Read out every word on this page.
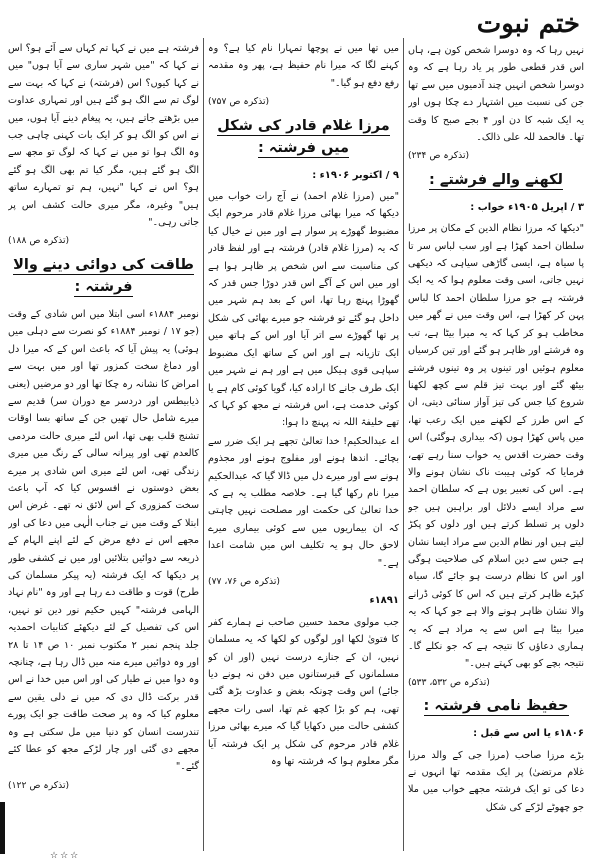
ختم نبوت

نہیں رہا کہ وہ دوسرا شخص کون ہے، ہاں اس قدر قطعی طور پر یاد رہا ہے کہ وہ دوسرا شخص انہیں چند آدمیوں میں سے تھا جن کی نسبت میں اشتہار دے چکا ہوں اور یہ ایک شبہ کا دن اور ۴ بجے صبح کا وقت تھا۔ فالحمد للہ علی ذالک۔

(تذکرہ ص ۲۳۴)
لکھنے والے فرشتے :
۳ / اپریل ۱۹۰۵ء خواب :

"دیکھا کہ مرزا نظام الدین کے مکان پر مرزا سلطان احمد کھڑا ہے اور سب لباس سر تا پا سیاہ ہے، ایسی گاڑھی سیاہی کہ دیکھی نہیں جاتی، اسی وقت معلوم ہوا کہ یہ ایک فرشتہ ہے جو مرزا سلطان احمد کا لباس پہن کر کھڑا ہے، اس وقت میں نے گھر میں مخاطب ہو کر کہا کہ یہ میرا بیٹا ہے، تب وہ فرشتے اور ظاہر ہو گئے اور تین کرسیاں معلوم ہوئیں اور تینوں پر وہ تینوں فرشتے بیٹھ گئے اور بہت تیز قلم سے کچھ لکھنا شروع کیا جس کی تیز آواز سنائی دیتی، ان کے اس طرز کے لکھنے میں ایک رعب تھا، میں پاس کھڑا ہوں (کہ بیداری ہوگئی) اس وقت حضرت اقدس یہ خواب سنا رہے تھے، فرمایا کہ کوئی ہیبت ناک نشان ہونے والا ہے۔ اس کی تعبیر یوں ہے کہ سلطان احمد سے مراد ایسے دلائل اور براہین ہیں جو دلوں پر تسلط کرتے ہیں اور دلوں کو پکڑ لیتے ہیں اور نظام الدین سے مراد ایسا نشان ہے جس سے دین اسلام کی صلاحیت ہوگی اور اس کا نظام درست ہو جائے گا، سیاہ کپڑے ظاہر کرتے ہیں کہ اس کا کوئی ڈرانے والا نشان ظاہر ہونے والا ہے جو کہا کہ یہ میرا بیٹا ہے اس سے یہ مراد ہے کہ یہ ہماری دعاؤں کا نتیجہ ہے کہ جو نکلے گا۔ نتیجہ بچے کو بھی کہتے ہیں۔"

(تذکرہ ص ۵۳۲، ۵۳۳)
حفیظ نامی فرشتہ :
۱۸۰۶ء یا اس سے قبل :

بڑے مرزا صاحب (مرزا جی کے والد مرزا غلام مرتضیٰ) پر ایک مقدمہ تھا انہوں نے دعا کی تو ایک فرشتہ مجھے خواب میں ملا جو چھوٹے لڑکے کی شکل

میں تھا میں نے پوچھا تمہارا نام کیا ہے؟ وہ کہنے لگا کہ میرا نام حفیظ ہے، پھر وہ مقدمہ رفع دفع ہو گیا۔"

(تذکرہ ص ۷۵۷)
مرزا غلام قادر کی شکل میں فرشتہ :
۹ / اکتوبر ۱۹۰۶ء :

"میں (مرزا غلام احمد) نے آج رات خواب میں دیکھا کہ میرا بھائی مرزا غلام قادر مرحوم ایک مضبوط گھوڑے پر سوار ہے اور میں نے خیال کیا کہ یہ (مرزا غلام قادر) فرشتہ ہے اور لفظ قادر کی مناسبت سے اس شخص پر ظاہر ہوا ہے اور میں اس کے آگے اس قدر دوڑا جس قدر کہ گھوڑا پہنچ رہا تھا، اس کے بعد ہم شہر میں داخل ہو گئے تو فرشتہ جو میرے بھائی کی شکل پر تھا گھوڑے سے اتر آیا اور اس کے ہاتھ میں ایک تازیانہ ہے اور اس کے ساتھ ایک مضبوط سپاہی قوی ہیکل میں ہے اور ہم نے شہر میں ایک طرف جانے کا ارادہ کیا، گویا کوئی کام ہے یا کوئی خدمت ہے، اس فرشتہ نے مجھ کو کہا کہ تھے خلیفۃ اللہ نہ پہنچ دا ہوا:

اے عبدالحکیم! خدا تعالیٰ تجھے ہر ایک ضرر سے بچائے۔ اندھا ہونے اور مفلوج ہونے اور مجذوم ہونے سے اور میرے دل میں ڈالا گیا کہ عبدالحکیم میرا نام رکھا گیا ہے۔ خلاصہ مطلب یہ ہے کہ خدا تعالیٰ کی حکمت اور مصلحت نہیں چاہتی کہ ان بیماریوں میں سے کوئی بیماری میرے لاحق حال ہو یہ تکلیف اس میں شامت اعدا ہے۔"

(تذکرہ ص ۷۶، ۷۷)
۱۸۹۱ء

جب مولوی محمد حسین صاحب نے ہمارے کفر کا فتویٰ لکھا اور لوگوں کو لکھا کہ یہ مسلمان نہیں، ان کے جنازے درست نہیں (اور ان کو مسلمانوں کے قبرستانوں میں دفن نہ ہونے دیا جائے) اس وقت چونکہ بغض و عداوت بڑھ گئی تھی، ہم کو بڑا کچھ غم تھا، اسی رات مجھے کشفی حالت میں دکھایا گیا کہ میرے بھائی مرزا غلام قادر مرحوم کی شکل پر ایک فرشتہ آیا مگر معلوم ہوا کہ فرشتہ تھا وہ

فرشتہ ہے میں نے کہا تم کہاں سے آئے ہو؟ اس نے کہا کہ "میں شہر ساری سے آیا ہوں" میں نے کہا کیوں؟ اس (فرشتہ) نے کہا کہ بہت سے لوگ تم سے الگ ہو گئے ہیں اور تمہاری عداوت میں بڑھتے جاتے ہیں، یہ پیغام دینے آیا ہوں، میں نے اس کو الگ ہو کر ایک بات کہنی چاہی جب وہ الگ ہوا تو میں نے کہا کہ لوگ تو مجھ سے الگ ہو گئے ہیں، مگر کیا تم بھی الگ ہو گئے ہو؟ اس نے کہا "نہیں، ہم تو تمہارے ساتھ ہیں" وغیرہ، مگر میری حالت کشف اس پر جاتی رہی۔"

(تذکرہ ص ۱۸۸)
طاقت کی دوائی دینے والا فرشتہ :

نومبر ۱۸۸۴ء اسی ابتلا میں اس شادی کے وقت (جو ۱۷ / نومبر ۱۸۸۴ء کو نصرت سے دہلی میں ہوئی) یہ پیش آیا کہ باعث اس کے کہ میرا دل اور دماغ سخت کمزور تھا اور میں بہت سے امراض کا نشانہ رہ چکا تھا اور دو مرضیں (یعنی ذیابیطس اور دردسر مع دوران سر) قدیم سے میرے شامل حال تھیں جن کے ساتھ بسا اوقات تشنج قلب بھی تھا، اس لئے میری حالت مردمی کالعدم تھی اور پیرانہ سالی کے رنگ میں میری زندگی تھی، اس لئے میری اس شادی پر میرے بعض دوستوں نے افسوس کیا کہ آپ باعث سخت کمزوری کے اس لائق نہ تھے۔ غرض اس ابتلا کے وقت میں نے جناب الٰہی میں دعا کی اور مجھے اس نے دفع مرض کے لئے اپنے الہام کے ذریعہ سے دوائیں بتلائیں اور میں نے کشفی طور پر دیکھا کہ ایک فرشتہ (یہ پیکر مسلمان کی طرح) قوت و طاقت دے رہا ہے اور وہ "نام نہاد الہامی فرشتہ" کہیں حکیم نور دین تو نہیں، اس کی تفصیل کے لئے دیکھئے کتابیات احمدیہ جلد پنجم نمبر ۲ مکتوب نمبر ۱۰ ص ۱۴ تا ۲۸ اور وہ دوائیں میرے منہ میں ڈال رہا ہے، چنانچہ وہ دوا میں نے طیار کی اور اس میں خدا نے اس قدر برکت ڈال دی کہ میں نے دلی یقین سے معلوم کیا کہ وہ پر صحت طاقت جو ایک پورے تندرست انسان کو دنیا میں مل سکتی ہے وہ مجھے دی گئی اور چار لڑکے مجھ کو عطا کئے گئے۔"

(تذکرہ ص ۱۲۲)
☆☆☆
